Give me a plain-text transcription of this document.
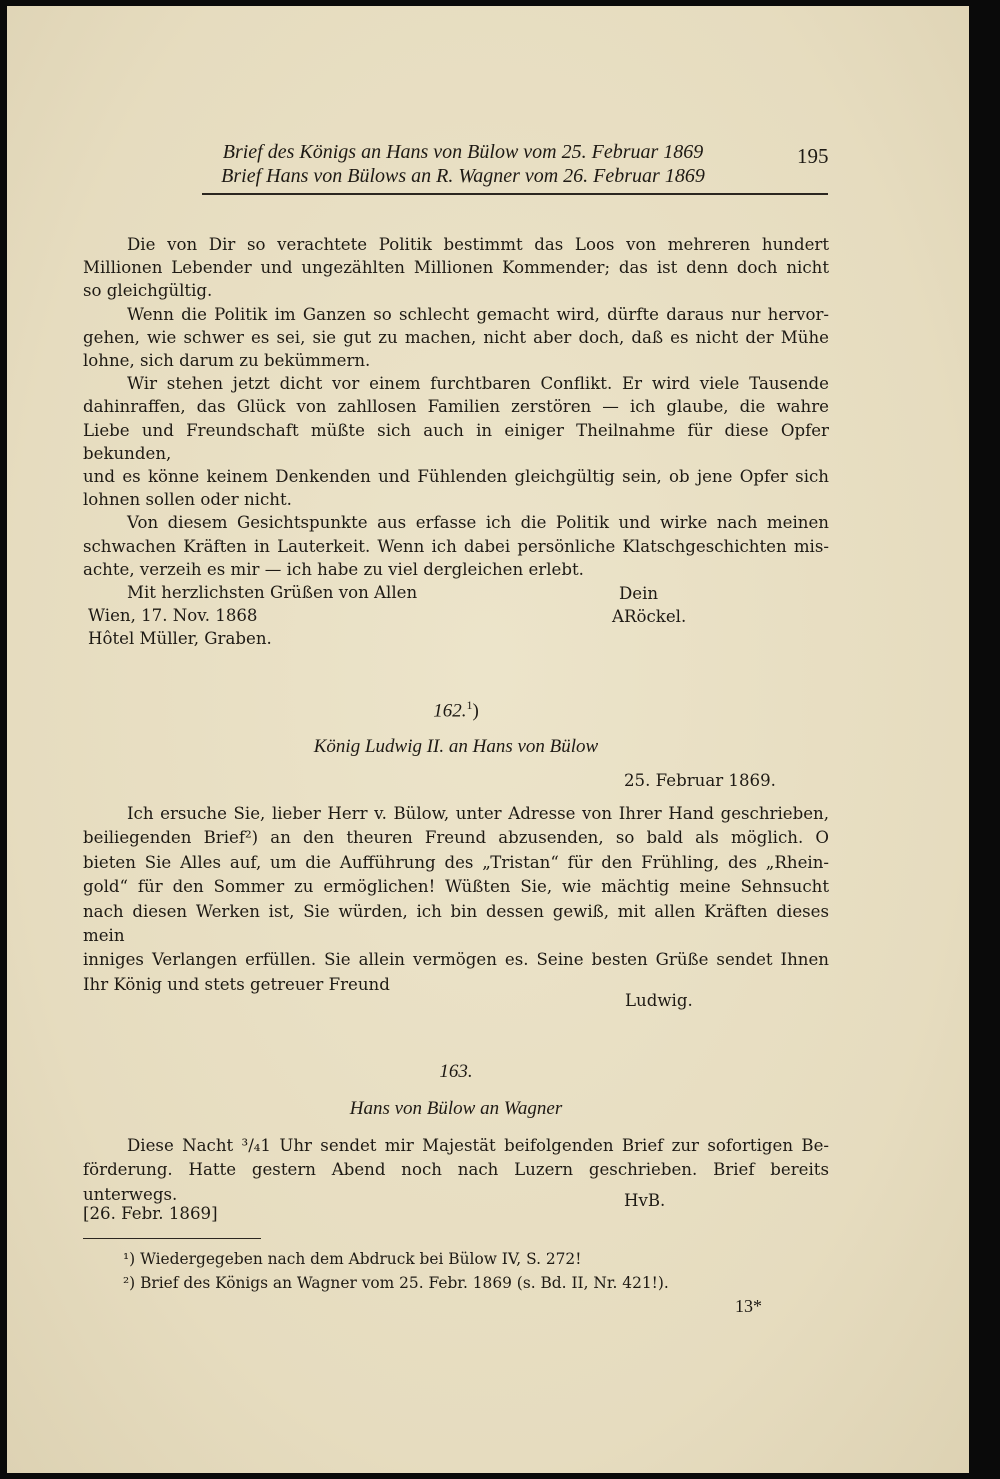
Brief des Königs an Hans von Bülow vom 25. Februar 1869
Brief Hans von Bülows an R. Wagner vom 26. Februar 1869
195

Die von Dir so verachtete Politik bestimmt das Loos von mehreren hundert
Millionen Lebender und ungezählten Millionen Kommender; das ist denn doch nicht
so gleichgültig.

Wenn die Politik im Ganzen so schlecht gemacht wird, dürfte daraus nur hervor-
gehen, wie schwer es sei, sie gut zu machen, nicht aber doch, daß es nicht der Mühe
lohne, sich darum zu bekümmern.

Wir stehen jetzt dicht vor einem furchtbaren Conflikt. Er wird viele Tausende
dahinraffen, das Glück von zahllosen Familien zerstören — ich glaube, die wahre
Liebe und Freundschaft müßte sich auch in einiger Theilnahme für diese Opfer bekunden,
und es könne keinem Denkenden und Fühlenden gleichgültig sein, ob jene Opfer sich
lohnen sollen oder nicht.

Von diesem Gesichtspunkte aus erfasse ich die Politik und wirke nach meinen
schwachen Kräften in Lauterkeit. Wenn ich dabei persönliche Klatschgeschichten mis-
achte, verzeih es mir — ich habe zu viel dergleichen erlebt.

Mit herzlichsten Grüßen von Allen	Dein
Wien, 17. Nov. 1868	ARöckel.
Hôtel Müller, Graben.
162.$^1$)
König Ludwig II. an Hans von Bülow
25. Februar 1869.

Ich ersuche Sie, lieber Herr v. Bülow, unter Adresse von Ihrer Hand geschrieben,
beiliegenden Brief²) an den theuren Freund abzusenden, so bald als möglich. O
bieten Sie Alles auf, um die Aufführung des „Tristan“ für den Frühling, des „Rhein-
gold“ für den Sommer zu ermöglichen! Wüßten Sie, wie mächtig meine Sehnsucht
nach diesen Werken ist, Sie würden, ich bin dessen gewiß, mit allen Kräften dieses mein
inniges Verlangen erfüllen. Sie allein vermögen es. Seine besten Grüße sendet Ihnen
Ihr König und stets getreuer Freund

Ludwig.
163.
Hans von Bülow an Wagner

Diese Nacht ³/₄1 Uhr sendet mir Majestät beifolgenden Brief zur sofortigen Be-
förderung. Hatte gestern Abend noch nach Luzern geschrieben. Brief bereits unterwegs.	HvB.
[26. Febr. 1869]
¹) Wiedergegeben nach dem Abdruck bei Bülow IV, S. 272!
²) Brief des Königs an Wagner vom 25. Febr. 1869 (s. Bd. II, Nr. 421!).
13*
